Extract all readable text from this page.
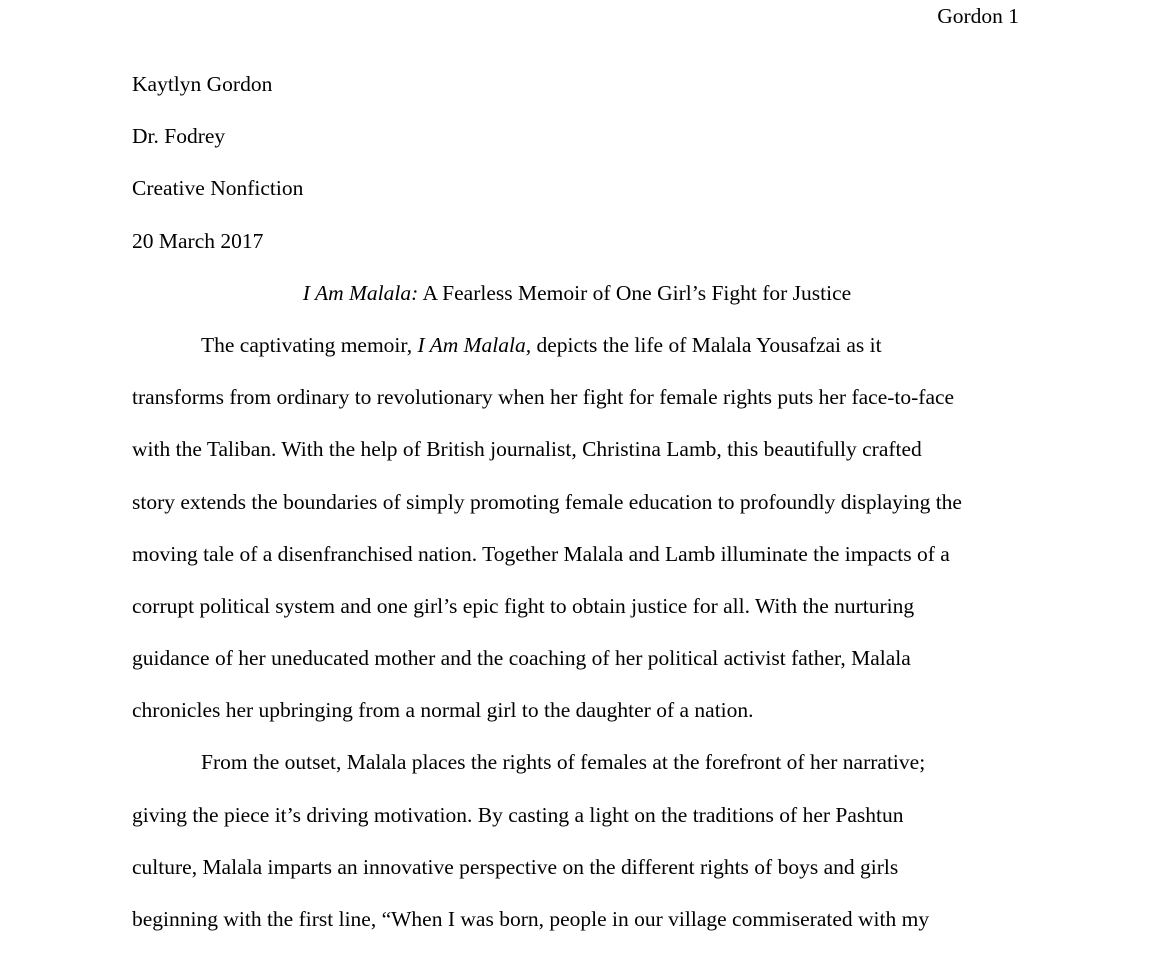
Gordon 1
Kaytlyn Gordon
Dr. Fodrey
Creative Nonfiction
20 March 2017
I Am Malala: A Fearless Memoir of One Girl’s Fight for Justice
The captivating memoir, I Am Malala, depicts the life of Malala Yousafzai as it
transforms from ordinary to revolutionary when her fight for female rights puts her face-to-face
with the Taliban. With the help of British journalist, Christina Lamb, this beautifully crafted
story extends the boundaries of simply promoting female education to profoundly displaying the
moving tale of a disenfranchised nation. Together Malala and Lamb illuminate the impacts of a
corrupt political system and one girl’s epic fight to obtain justice for all. With the nurturing
guidance of her uneducated mother and the coaching of her political activist father, Malala
chronicles her upbringing from a normal girl to the daughter of a nation.
From the outset, Malala places the rights of females at the forefront of her narrative;
giving the piece it’s driving motivation. By casting a light on the traditions of her Pashtun
culture, Malala imparts an innovative perspective on the different rights of boys and girls
beginning with the first line, “When I was born, people in our village commiserated with my
